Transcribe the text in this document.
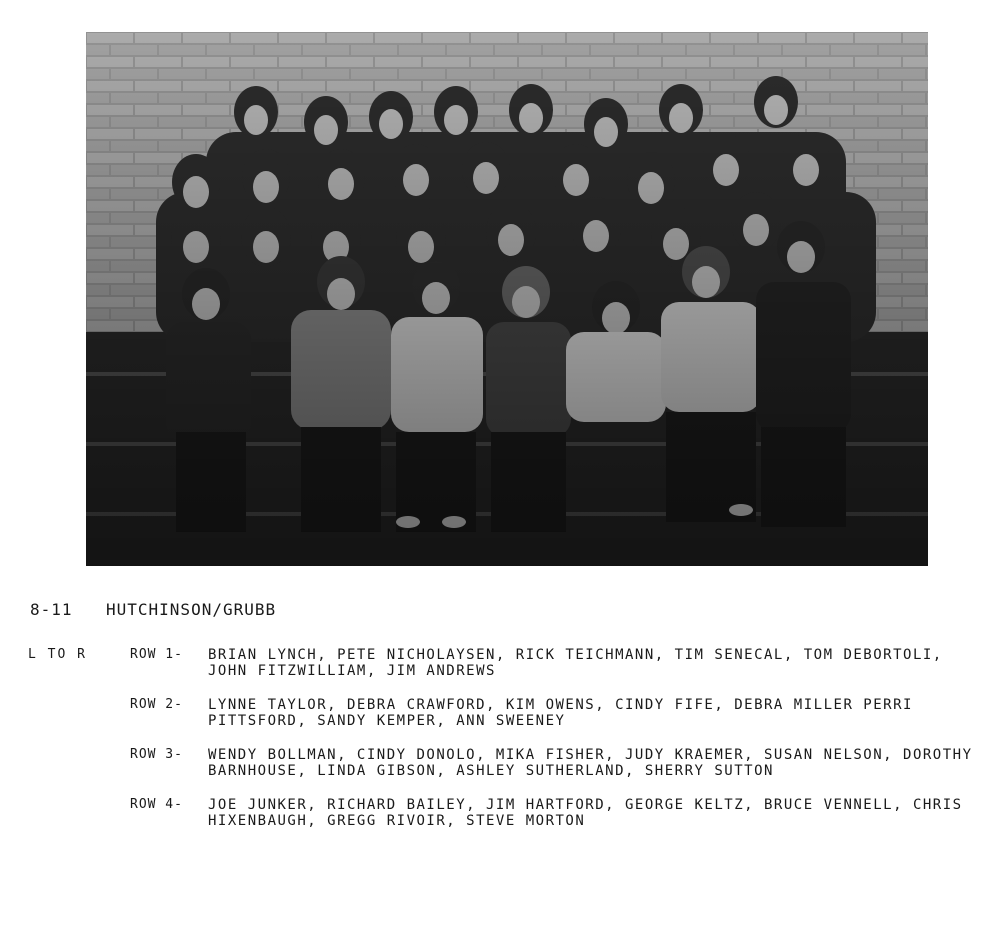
8-11 HUTCHINSON/GRUBB
L TO R	ROW 1-	BRIAN LYNCH, PETE NICHOLAYSEN, RICK TEICHMANN, TIM SENECAL, TOM DEBORTOLI, JOHN FITZWILLIAM, JIM ANDREWS
ROW 2-	LYNNE TAYLOR, DEBRA CRAWFORD, KIM OWENS, CINDY FIFE, DEBRA MILLER PERRI PITTSFORD, SANDY KEMPER, ANN SWEENEY
ROW 3-	WENDY BOLLMAN, CINDY DONOLO, MIKA FISHER, JUDY KRAEMER, SUSAN NELSON, DOROTHY BARNHOUSE, LINDA GIBSON, ASHLEY SUTHERLAND, SHERRY SUTTON
ROW 4-	JOE JUNKER, RICHARD BAILEY, JIM HARTFORD, GEORGE KELTZ, BRUCE VENNELL, CHRIS HIXENBAUGH, GREGG RIVOIR, STEVE MORTON
